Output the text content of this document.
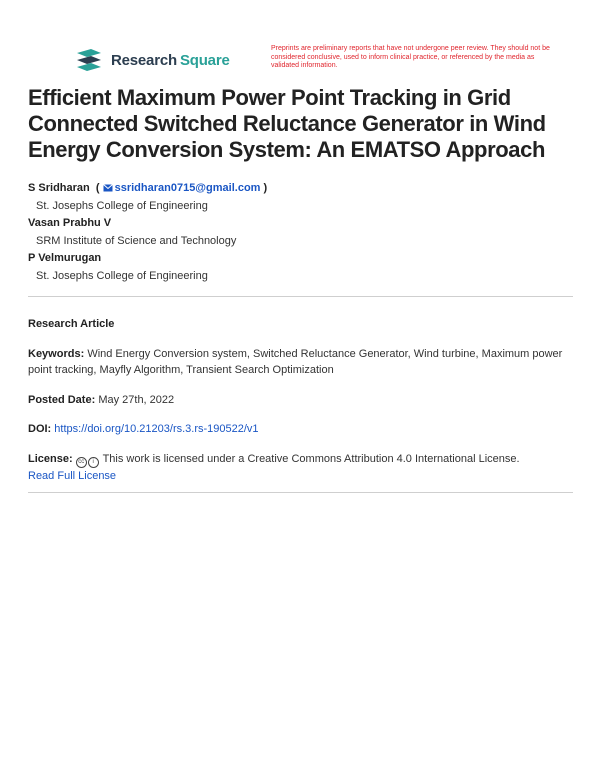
Research Square
Preprints are preliminary reports that have not undergone peer review. They should not be considered conclusive, used to inform clinical practice, or referenced by the media as validated information.
Efficient Maximum Power Point Tracking in Grid Connected Switched Reluctance Generator in Wind Energy Conversion System: An EMATSO Approach
S Sridharan  ( ssridharan0715@gmail.com )
St. Josephs College of Engineering
Vasan Prabhu V
SRM Institute of Science and Technology
P Velmurugan
St. Josephs College of Engineering
Research Article
Keywords: Wind Energy Conversion system, Switched Reluctance Generator, Wind turbine, Maximum power point tracking, Mayfly Algorithm, Transient Search Optimization
Posted Date: May 27th, 2022
DOI: https://doi.org/10.21203/rs.3.rs-190522/v1
License: cc i This work is licensed under a Creative Commons Attribution 4.0 International License.
Read Full License
